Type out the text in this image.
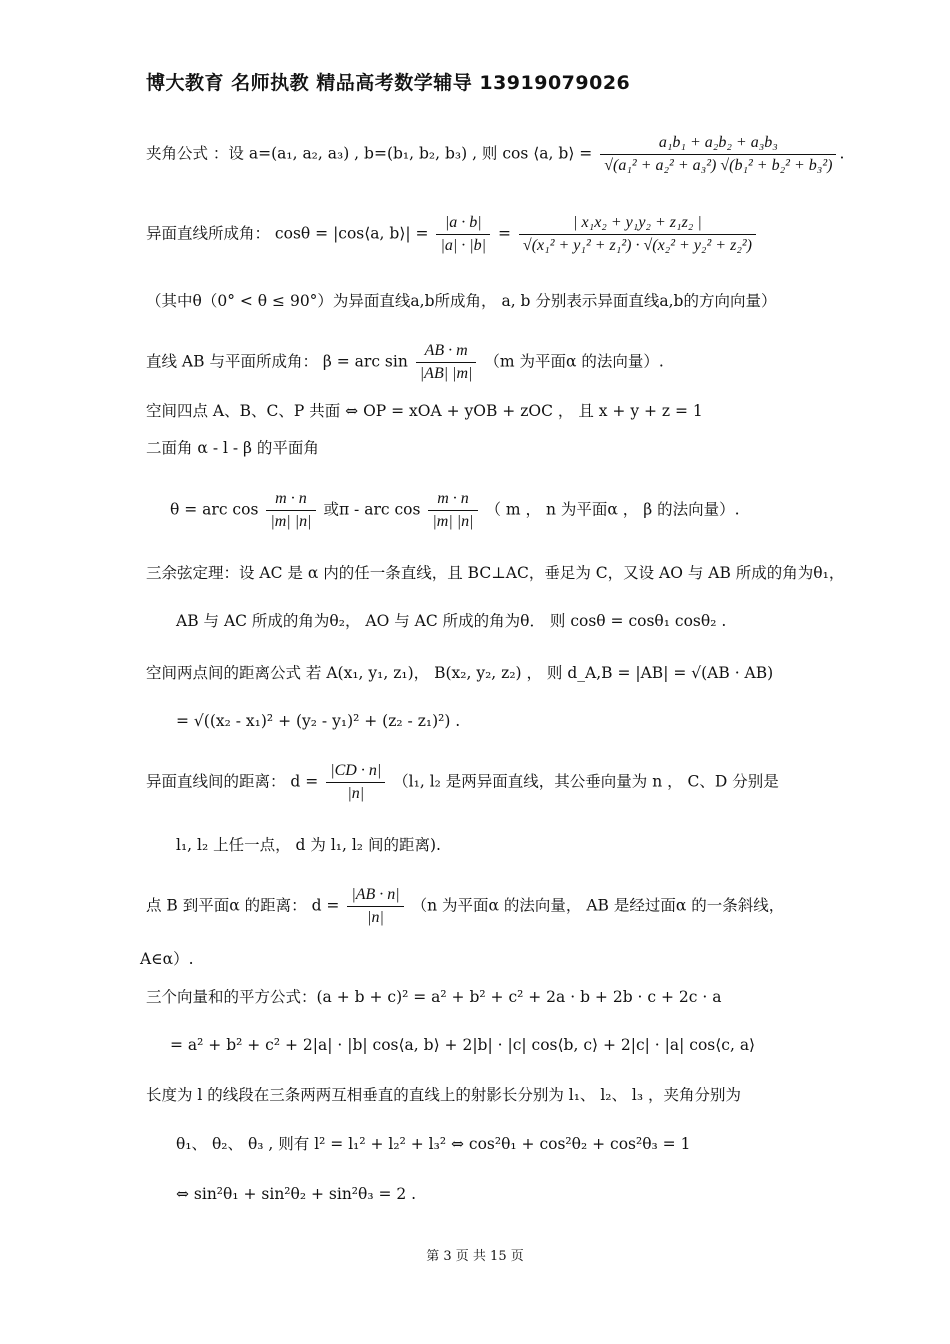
博大教育 名师执教 精品高考数学辅导 13919079026
夹角公式 ：设 a=(a₁, a₂, a₃) , b=(b₁, b₂, b₃) , 则 cos ⟨a, b⟩ = $\frac{\text{a₁b₁ + a₂b₂ + a₃b₃}}{\text{√(a₁² + a₂² + a₃²) √(b₁² + b₂² + b₃²)}}$ .
异面直线所成角： cosθ = |cos⟨a, b⟩| = $\frac{|a \cdot b|}{|a| \cdot |b|} = \frac{\text{| x₁x₂ + y₁y₂ + z₁z₂ |}}{\text{√(x₁² + y₁² + z₁²) · √(x₂² + y₂² + z₂²)}}$
（其中θ（0° < θ ≤ 90°）为异面直线a,b所成角， a, b 分别表示异面直线a,b的方向向量）
直线 AB 与平面所成角： β = arc $\sin \frac{AB \cdot m}{|AB| |m|} (m$ 为平面α 的法向量）.
空间四点 A、B、C、P 共面 ⇔ OP = xOA + yOB + zOC ， 且 x + y + z = 1
二面角 α - l - β 的平面角
θ = arc $\cos \frac{m \cdot n}{|m| |n|}$ 或π - arc $\cos \frac{m \cdot n}{|m| |n|}$ （ m ， n 为平面α ， β 的法向量）.
三余弦定理：设 AC 是 α 内的任一条直线，且 BC⊥AC，垂足为 C，又设 AO 与 AB 所成的角为θ₁，
AB 与 AC 所成的角为θ₂， AO 与 AC 所成的角为θ． 则 cosθ = cosθ₁ cosθ₂ .
空间两点间的距离公式 若 A(x₁, y₁, z₁)， B(x₂, y₂, z₂) ， 则 d_A,B = |AB| = √(AB · AB)
= √((x₂ - x₁)² + (y₂ - y₁)² + (z₂ - z₁)²) .
异面直线间的距离： $d = \frac{|CD \cdot n|}{|n|} (l_1$, l₂ 是两异面直线，其公垂向量为 n ， C、D 分别是
l₁, l₂ 上任一点， d 为 l₁, l₂ 间的距离).
点 B 到平面α 的距离： $d = \frac{|AB \cdot n|}{|n|} (n$ 为平面α 的法向量， AB 是经过面α 的一条斜线，
A∈α）.
三个向量和的平方公式：(a + b + c)² = a² + b² + c² + 2a · b + 2b · c + 2c · a
= a² + b² + c² + 2|a| · |b| cos⟨a, b⟩ + 2|b| · |c| cos⟨b, c⟩ + 2|c| · |a| cos⟨c, a⟩
长度为 l 的线段在三条两两互相垂直的直线上的射影长分别为 l₁、 l₂、 l₃ ，夹角分别为
θ₁、 θ₂、 θ₃ , 则有 l² = l₁² + l₂² + l₃² ⇔ cos²θ₁ + cos²θ₂ + cos²θ₃ = 1
⇔ sin²θ₁ + sin²θ₂ + sin²θ₃ = 2 .
第 3 页 共 15 页
